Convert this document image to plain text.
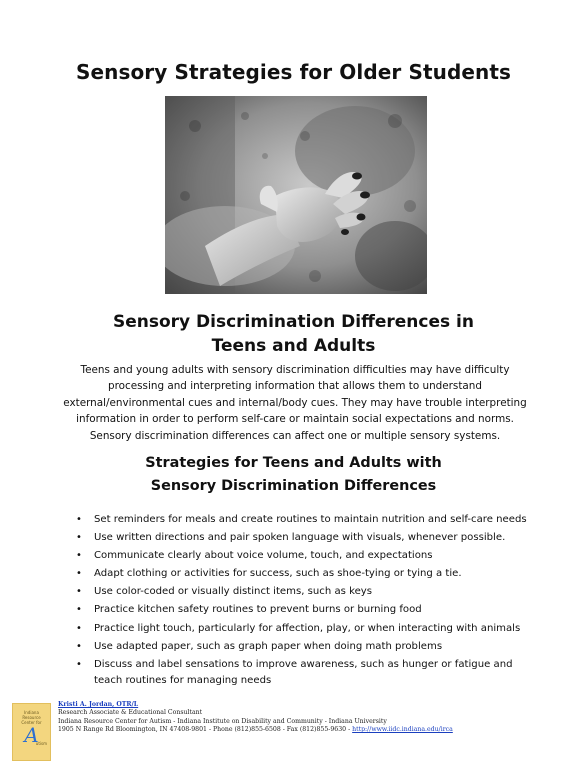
Sensory Strategies for Older Students
Sensory Discrimination Differences in
Teens and Adults
Teens and young adults with sensory discrimination difficulties may have difficulty processing and interpreting information that allows them to understand external/environmental cues and internal/body cues. They may have trouble interpreting information in order to perform self-care or maintain social expectations and norms. Sensory discrimination differences can affect one or multiple sensory systems.
Strategies for Teens and Adults with
Sensory Discrimination Differences
• Set reminders for meals and create routines to maintain nutrition and self-care needs
• Use written directions and pair spoken language with visuals, whenever possible.
• Communicate clearly about voice volume, touch, and expectations
• Adapt clothing or activities for success, such as shoe-tying or tying a tie.
• Use color-coded or visually distinct items, such as keys
• Practice kitchen safety routines to prevent burns or burning food
• Practice light touch, particularly for affection, play, or when interacting with animals
• Use adapted paper, such as graph paper when doing math problems
• Discuss and label sensations to improve awareness, such as hunger or fatigue and teach routines for managing needs
Indiana
Resource
Center for
A
utism
Kristi A. Jordan, OTR/L
Research Associate & Educational Consultant
Indiana Resource Center for Autism - Indiana Institute on Disability and Community - Indiana University
1905 N Range Rd Bloomington, IN 47408-9801 - Phone (812)855-6508 - Fax (812)855-9630 - http://www.iidc.indiana.edu/irca
